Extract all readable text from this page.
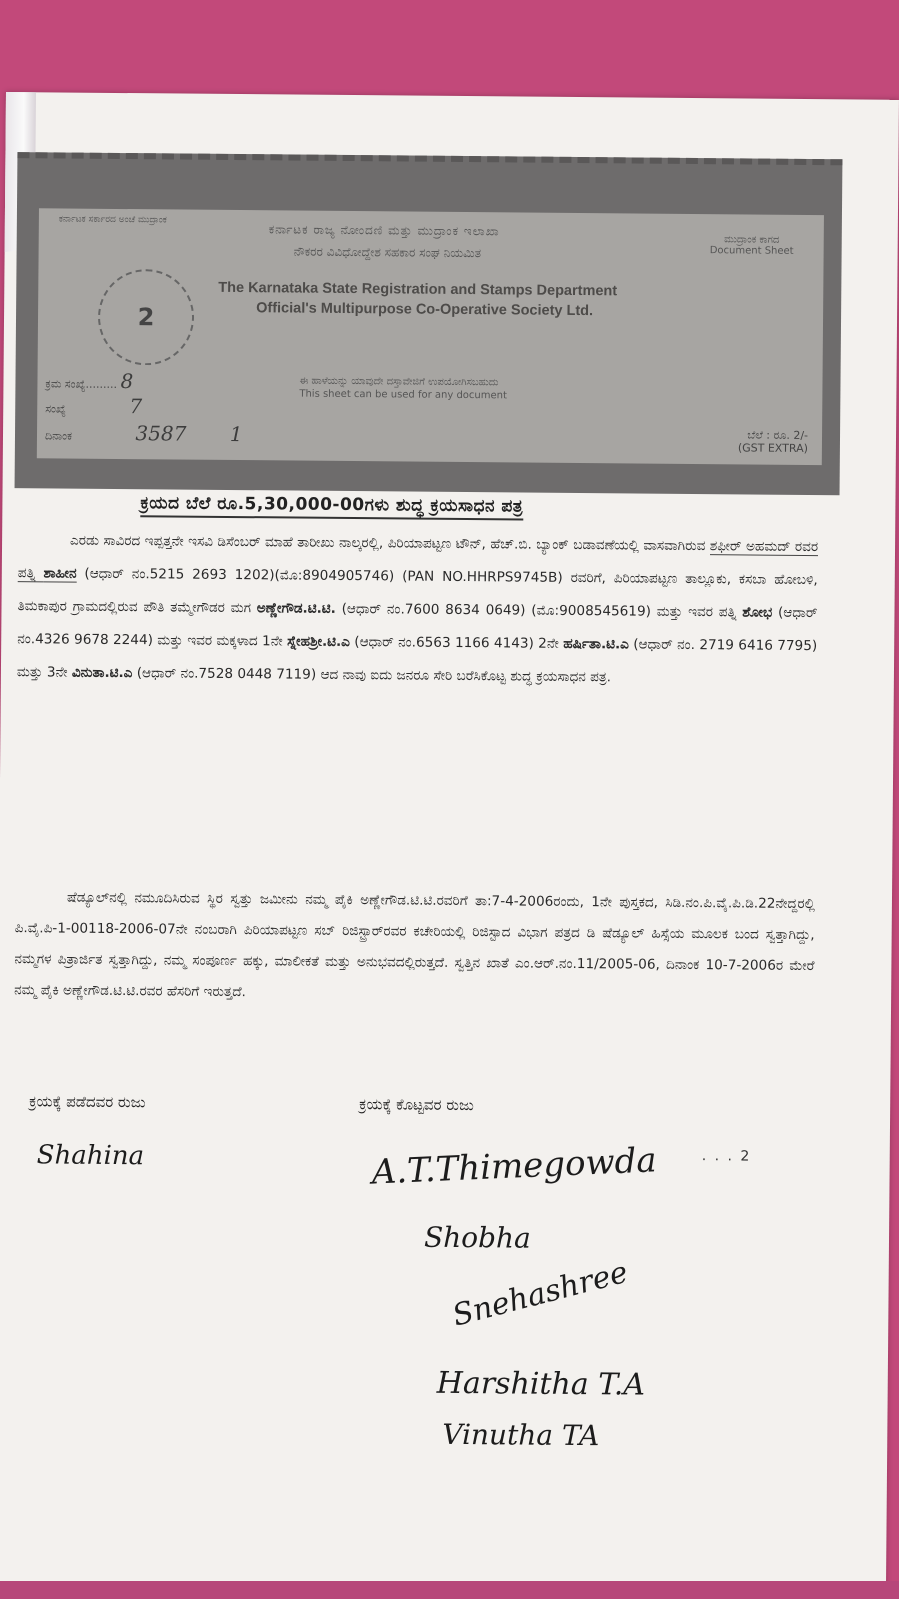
ಕರ್ನಾಟಕ ಸರ್ಕಾರದ ಅಂಚೆ ಮುದ್ರಾಂಕ
ಕರ್ನಾಟಕ ರಾಜ್ಯ ನೋಂದಣಿ ಮತ್ತು ಮುದ್ರಾಂಕ ಇಲಾಖಾ
ನೌಕರರ ವಿವಿಧೋದ್ದೇಶ ಸಹಕಾರ ಸಂಘ ನಿಯಮಿತ
ಮುದ್ರಾಂಕ ಕಾಗದ
Document Sheet
2
The Karnataka State Registration and Stamps Department
Official's Multipurpose Co-Operative Society Ltd.
ಕ್ರಮ ಸಂಖ್ಯೆ......... 8	ಈ ಹಾಳೆಯನ್ನು ಯಾವುದೇ ದಸ್ತಾವೇಜಿಗೆ ಉಪಯೋಗಿಸಬಹುದು
This sheet can be used for any document
ಸಂಖ್ಯೆ	7
ದಿನಾಂಕ	3587 1	ಬೆಲೆ : ರೂ. 2/-
(GST EXTRA)
ಕ್ರಯದ ಬೆಲೆ ರೂ.5,30,000-00ಗಳು ಶುದ್ಧ ಕ್ರಯಸಾಧನ ಪತ್ರ
ಎರಡು ಸಾವಿರದ ಇಪ್ಪತ್ತನೇ ಇಸವಿ ಡಿಸೆಂಬರ್ ಮಾಹೆ ತಾರೀಖು ನಾಲ್ಕರಲ್ಲಿ, ಪಿರಿಯಾಪಟ್ಟಣ ಟೌನ್, ಹೆಚ್.ಬಿ. ಬ್ಯಾಂಕ್ ಬಡಾವಣೆಯಲ್ಲಿ ವಾಸವಾಗಿರುವ ಶಫೀರ್ ಅಹಮದ್ ರವರ ಪತ್ನಿ ಶಾಹೀನ (ಆಧಾರ್ ನಂ.5215 2693 1202)(ಮೊ:8904905746) (PAN NO.HHRPS9745B) ರವರಿಗೆ, ಪಿರಿಯಾಪಟ್ಟಣ ತಾಲ್ಲೂಕು, ಕಸಬಾ ಹೋಬಳಿ, ತಿಮಕಾಪುರ ಗ್ರಾಮದಲ್ಲಿರುವ ಪೌತಿ ತಮ್ಮೇಗೌಡರ ಮಗ ಅಣ್ಣೇಗೌಡ.ಟಿ.ಟಿ. (ಆಧಾರ್ ನಂ.7600 8634 0649) (ಮೊ:9008545619) ಮತ್ತು ಇವರ ಪತ್ನಿ ಶೋಭ (ಆಧಾರ್ ನಂ.4326 9678 2244) ಮತ್ತು ಇವರ ಮಕ್ಕಳಾದ 1ನೇ ಸ್ನೇಹಶ್ರೀ.ಟಿ.ಎ (ಆಧಾರ್ ನಂ.6563 1166 4143) 2ನೇ ಹರ್ಷಿತಾ.ಟಿ.ಎ (ಆಧಾರ್ ನಂ. 2719 6416 7795) ಮತ್ತು 3ನೇ ವಿನುತಾ.ಟಿ.ಎ (ಆಧಾರ್ ನಂ.7528 0448 7119) ಆದ ನಾವು ಐದು ಜನರೂ ಸೇರಿ ಬರೆಸಿಕೊಟ್ಟ ಶುದ್ಧ ಕ್ರಯಸಾಧನ ಪತ್ರ.
ಷೆಡ್ಯೂಲ್‌ನಲ್ಲಿ ನಮೂದಿಸಿರುವ ಸ್ಥಿರ ಸ್ವತ್ತು ಜಮೀನು ನಮ್ಮ ಪೈಕಿ ಅಣ್ಣೇಗೌಡ.ಟಿ.ಟಿ.ರವರಿಗೆ ತಾ:7-4-2006ರಂದು, 1ನೇ ಪುಸ್ತಕದ, ಸಿಡಿ.ನಂ.ಪಿ.ವೈ.ಪಿ.ಡಿ.22ನೇದ್ದರಲ್ಲಿ ಪಿ.ವೈ.ಪಿ-1-00118-2006-07ನೇ ನಂಬರಾಗಿ ಪಿರಿಯಾಪಟ್ಟಣ ಸಬ್ ರಿಜಿಸ್ಟ್ರಾರ್‌ರವರ ಕಚೇರಿಯಲ್ಲಿ ರಿಜಿಸ್ಟಾದ ವಿಭಾಗ ಪತ್ರದ ಡಿ ಷೆಡ್ಯೂಲ್ ಹಿಸ್ಸೆಯ ಮೂಲಕ ಬಂದ ಸ್ವತ್ತಾಗಿದ್ದು, ನಮ್ಮಗಳ ಪಿತ್ರಾರ್ಜಿತ ಸ್ವತ್ತಾಗಿದ್ದು, ನಮ್ಮ ಸಂಪೂರ್ಣ ಹಕ್ಕು, ಮಾಲೀಕತೆ ಮತ್ತು ಅನುಭವದಲ್ಲಿರುತ್ತದೆ. ಸ್ವತ್ತಿನ ಖಾತೆ ಎಂ.ಆರ್.ನಂ.11/2005-06, ದಿನಾಂಕ 10-7-2006ರ ಮೇರೆ ನಮ್ಮ ಪೈಕಿ ಅಣ್ಣೇಗೌಡ.ಟಿ.ಟಿ.ರವರ ಹೆಸರಿಗೆ ಇರುತ್ತದೆ.
ಕ್ರಯಕ್ಕೆ ಪಡೆದವರ ರುಜು	ಕ್ರಯಕ್ಕೆ ಕೊಟ್ಟವರ ರುಜು
. . . 2
Shahina	A.T.Thimegowda
Shobha
Snehashree
Harshitha T.A
Vinutha TA
